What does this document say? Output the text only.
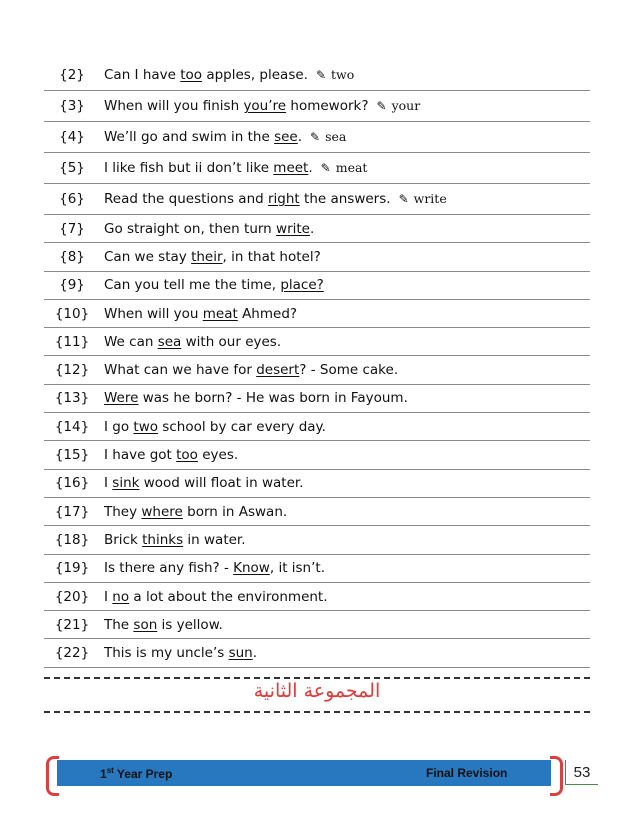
{2}	Can I have too apples, please. ✎ two
{3}	When will you finish you’re homework? ✎ your
{4}	We’ll go and swim in the see. ✎ sea
{5}	I like fish but ii don’t like meet. ✎ meat
{6}	Read the questions and right the answers. ✎ write
{7}	Go straight on, then turn write.
{8}	Can we stay their, in that hotel?
{9}	Can you tell me the time, place?
{10}	When will you meat Ahmed?
{11}	We can sea with our eyes.
{12}	What can we have for desert? - Some cake.
{13}	Were was he born? - He was born in Fayoum.
{14}	I go two school by car every day.
{15}	I have got too eyes.
{16}	I sink wood will float in water.
{17}	They where born in Aswan.
{18}	Brick thinks in water.
{19}	Is there any fish? - Know, it isn’t.
{20}	I no a lot about the environment.
{21}	The son is yellow.
{22}	This is my uncle’s sun.
المجموعة الثانية
1st Year Prep	Final Revision	53
